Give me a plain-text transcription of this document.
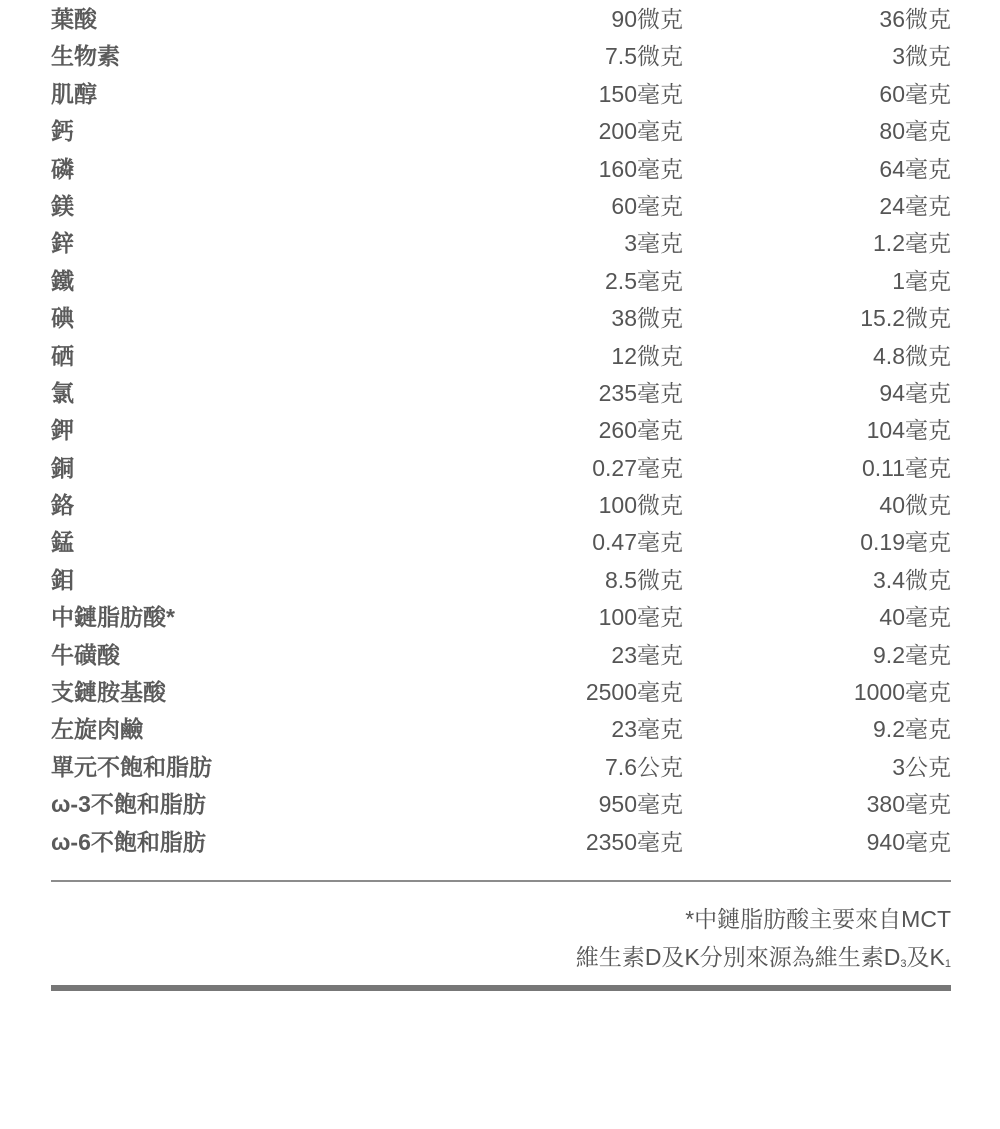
葉酸	90微克	36微克
生物素	7.5微克	3微克
肌醇	150毫克	60毫克
鈣	200毫克	80毫克
磷	160毫克	64毫克
鎂	60毫克	24毫克
鋅	3毫克	1.2毫克
鐵	2.5毫克	1毫克
碘	38微克	15.2微克
硒	12微克	4.8微克
氯	235毫克	94毫克
鉀	260毫克	104毫克
銅	0.27毫克	0.11毫克
鉻	100微克	40微克
錳	0.47毫克	0.19毫克
鉬	8.5微克	3.4微克
中鏈脂肪酸*	100毫克	40毫克
牛磺酸	23毫克	9.2毫克
支鏈胺基酸	2500毫克	1000毫克
左旋肉鹼	23毫克	9.2毫克
單元不飽和脂肪	7.6公克	3公克
ω-3不飽和脂肪	950毫克	380毫克
ω-6不飽和脂肪	2350毫克	940毫克
*中鏈脂肪酸主要來自MCT
維生素D及K分別來源為維生素$D_3$及$K_1$
